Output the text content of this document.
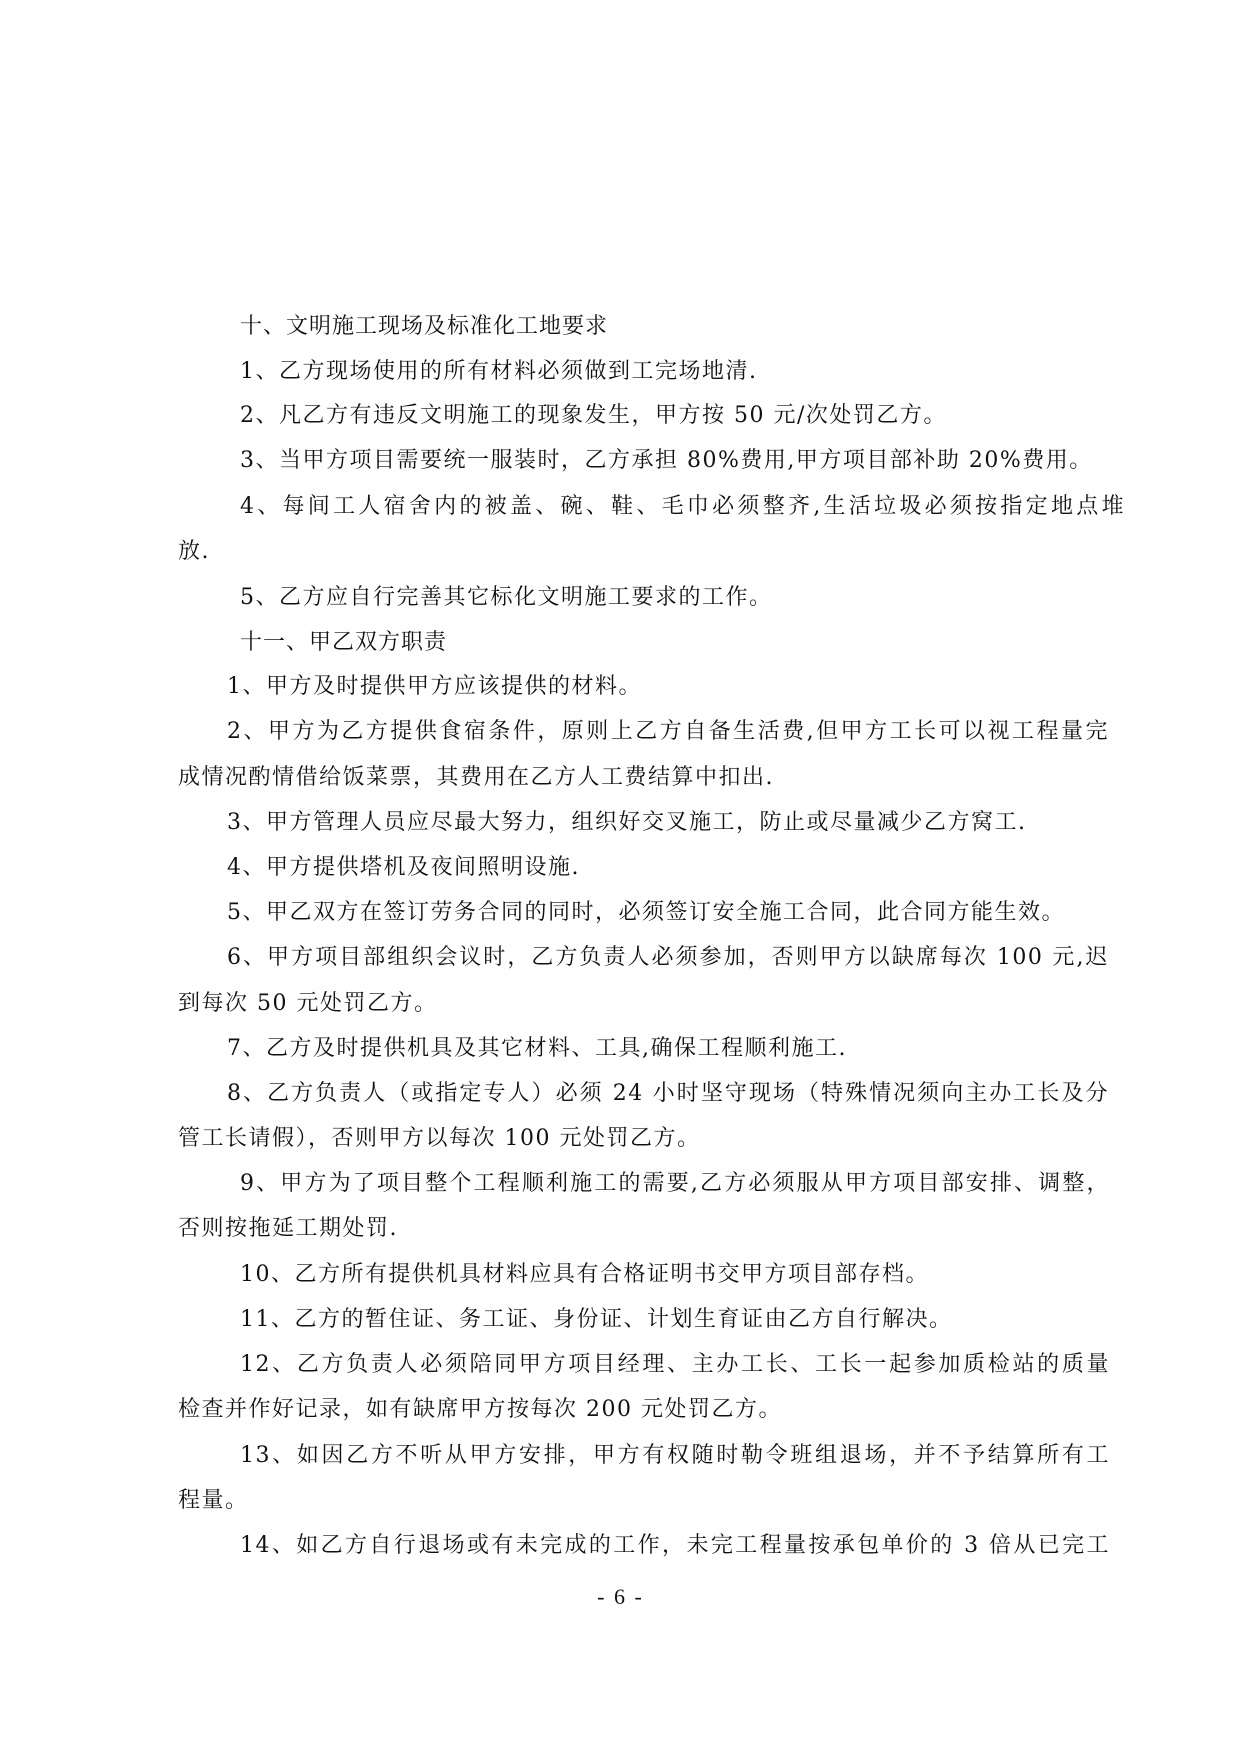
十、文明施工现场及标准化工地要求
1、乙方现场使用的所有材料必须做到工完场地清.
2、凡乙方有违反文明施工的现象发生，甲方按 50 元/次处罚乙方。
3、当甲方项目需要统一服装时，乙方承担 80%费用,甲方项目部补助 20%费用。
4、每间工人宿舍内的被盖、碗、鞋、毛巾必须整齐,生活垃圾必须按指定地点堆
放.
5、乙方应自行完善其它标化文明施工要求的工作。
十一、甲乙双方职责
1、甲方及时提供甲方应该提供的材料。
2、甲方为乙方提供食宿条件，原则上乙方自备生活费,但甲方工长可以视工程量完
成情况酌情借给饭菜票，其费用在乙方人工费结算中扣出.
3、甲方管理人员应尽最大努力，组织好交叉施工，防止或尽量减少乙方窝工.
4、甲方提供塔机及夜间照明设施.
5、甲乙双方在签订劳务合同的同时，必须签订安全施工合同，此合同方能生效。
6、甲方项目部组织会议时，乙方负责人必须参加，否则甲方以缺席每次 100 元,迟
到每次 50 元处罚乙方。
7、乙方及时提供机具及其它材料、工具,确保工程顺利施工.
8、乙方负责人（或指定专人）必须 24 小时坚守现场（特殊情况须向主办工长及分
管工长请假），否则甲方以每次 100 元处罚乙方。
9、甲方为了项目整个工程顺利施工的需要,乙方必须服从甲方项目部安排、调整，
否则按拖延工期处罚.
10、乙方所有提供机具材料应具有合格证明书交甲方项目部存档。
11、乙方的暂住证、务工证、身份证、计划生育证由乙方自行解决。
12、乙方负责人必须陪同甲方项目经理、主办工长、工长一起参加质检站的质量
检查并作好记录，如有缺席甲方按每次 200 元处罚乙方。
13、如因乙方不听从甲方安排，甲方有权随时勒令班组退场，并不予结算所有工
程量。
14、如乙方自行退场或有未完成的工作，未完工程量按承包单价的 3 倍从已完工
- 6 -
